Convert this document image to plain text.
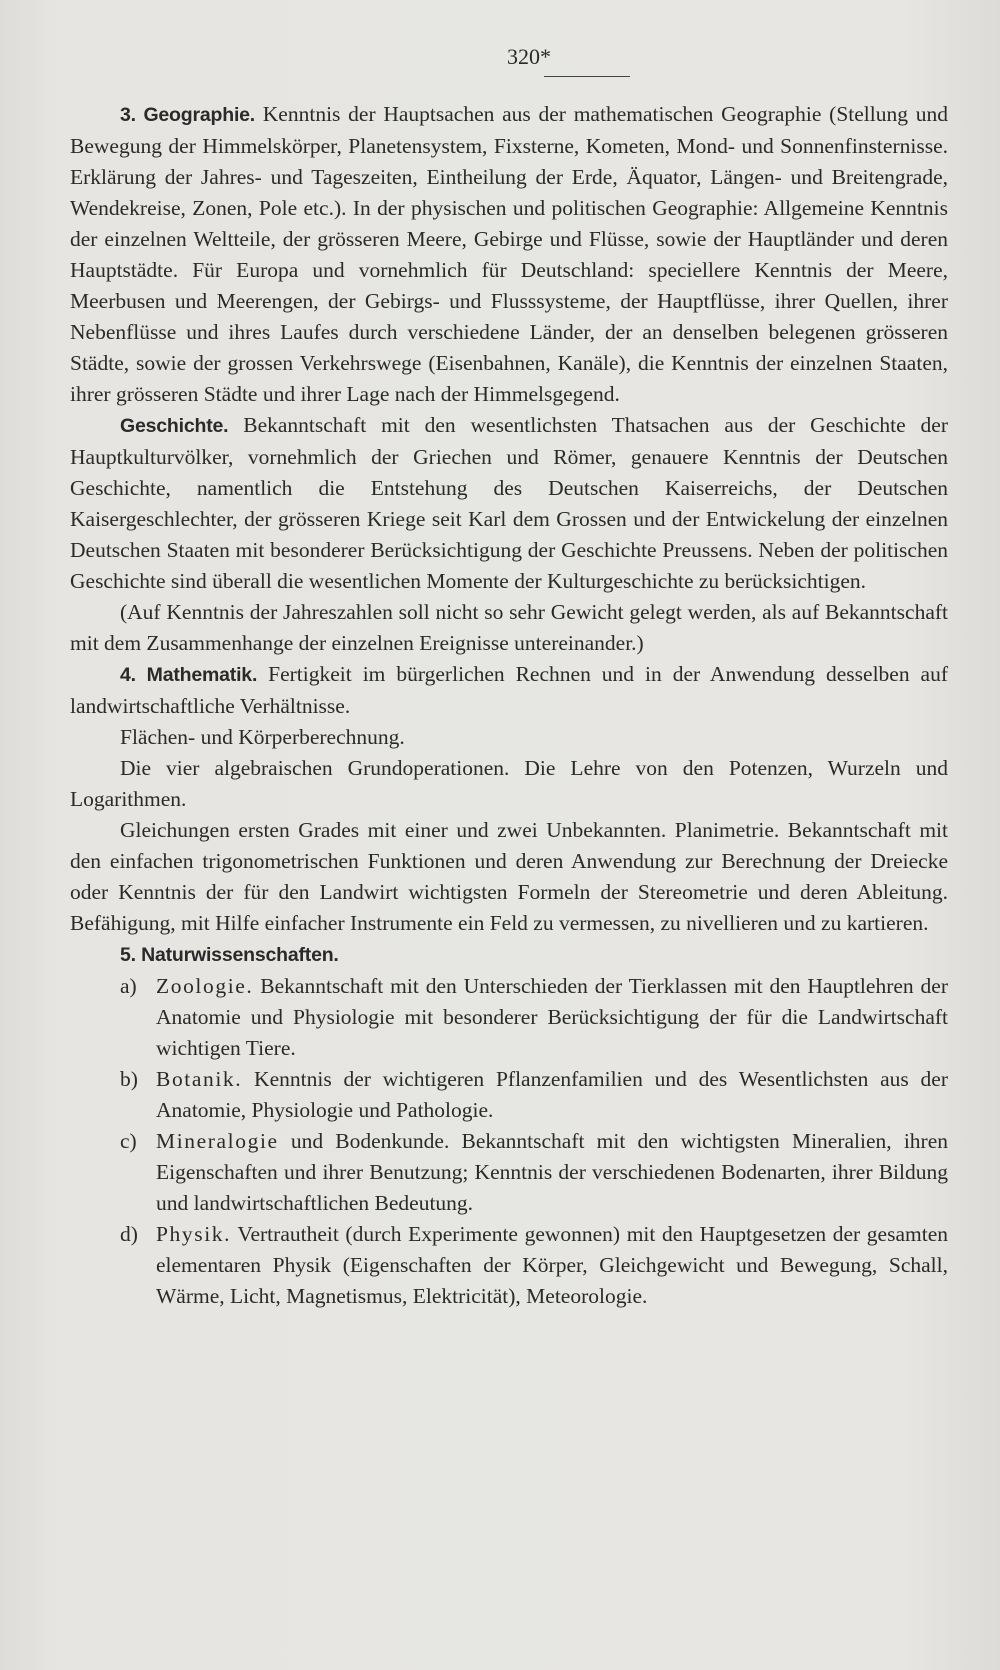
320*

3. Geographie. Kenntnis der Hauptsachen aus der mathematischen Geographie (Stellung und Bewegung der Himmelskörper, Planetensystem, Fixsterne, Kometen, Mond- und Sonnenfinsternisse. Erklärung der Jahres- und Tageszeiten, Eintheilung der Erde, Äquator, Längen- und Breitengrade, Wendekreise, Zonen, Pole etc.). In der physischen und politischen Geographie: Allgemeine Kenntnis der einzelnen Weltteile, der grösseren Meere, Gebirge und Flüsse, sowie der Hauptländer und deren Hauptstädte. Für Europa und vornehmlich für Deutschland: speciellere Kenntnis der Meere, Meerbusen und Meerengen, der Gebirgs- und Flusssysteme, der Hauptflüsse, ihrer Quellen, ihrer Nebenflüsse und ihres Laufes durch verschiedene Länder, der an denselben belegenen grösseren Städte, sowie der grossen Verkehrswege (Eisenbahnen, Kanäle), die Kenntnis der einzelnen Staaten, ihrer grösseren Städte und ihrer Lage nach der Himmelsgegend.

Geschichte. Bekanntschaft mit den wesentlichsten Thatsachen aus der Geschichte der Hauptkulturvölker, vornehmlich der Griechen und Römer, genauere Kenntnis der Deutschen Geschichte, namentlich die Entstehung des Deutschen Kaiserreichs, der Deutschen Kaisergeschlechter, der grösseren Kriege seit Karl dem Grossen und der Entwickelung der einzelnen Deutschen Staaten mit besonderer Berücksichtigung der Geschichte Preussens. Neben der politischen Geschichte sind überall die wesentlichen Momente der Kulturgeschichte zu berücksichtigen.

(Auf Kenntnis der Jahreszahlen soll nicht so sehr Gewicht gelegt werden, als auf Bekanntschaft mit dem Zusammenhange der einzelnen Ereignisse untereinander.)

4. Mathematik. Fertigkeit im bürgerlichen Rechnen und in der Anwendung desselben auf landwirtschaftliche Verhältnisse.

Flächen- und Körperberechnung.

Die vier algebraischen Grundoperationen. Die Lehre von den Potenzen, Wurzeln und Logarithmen.

Gleichungen ersten Grades mit einer und zwei Unbekannten. Planimetrie. Bekanntschaft mit den einfachen trigonometrischen Funktionen und deren Anwendung zur Berechnung der Dreiecke oder Kenntnis der für den Landwirt wichtigsten Formeln der Stereometrie und deren Ableitung. Befähigung, mit Hilfe einfacher Instrumente ein Feld zu vermessen, zu nivellieren und zu kartieren.

5. Naturwissenschaften.

a) Zoologie. Bekanntschaft mit den Unterschieden der Tierklassen mit den Hauptlehren der Anatomie und Physiologie mit besonderer Berücksichtigung der für die Landwirtschaft wichtigen Tiere.
b) Botanik. Kenntnis der wichtigeren Pflanzenfamilien und des Wesentlichsten aus der Anatomie, Physiologie und Pathologie.
c) Mineralogie und Bodenkunde. Bekanntschaft mit den wichtigsten Mineralien, ihren Eigenschaften und ihrer Benutzung; Kenntnis der verschiedenen Bodenarten, ihrer Bildung und landwirtschaftlichen Bedeutung.
d) Physik. Vertrautheit (durch Experimente gewonnen) mit den Hauptgesetzen der gesamten elementaren Physik (Eigenschaften der Körper, Gleichgewicht und Bewegung, Schall, Wärme, Licht, Magnetismus, Elektricität), Meteorologie.
